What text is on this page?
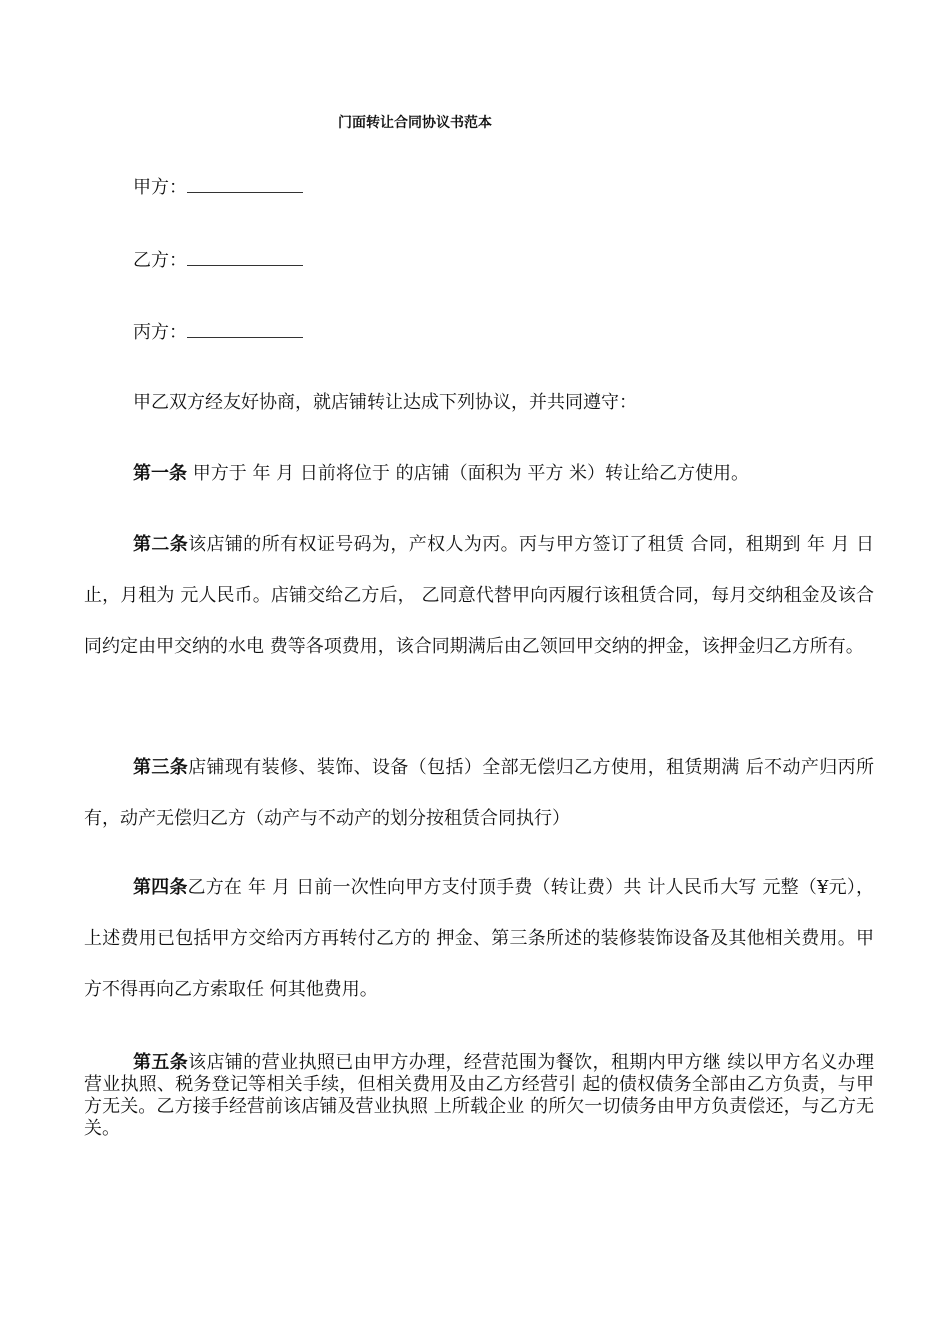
门面转让合同协议书范本
甲方：
乙方：
丙方：
甲乙双方经友好协商，就店铺转让达成下列协议，并共同遵守：
第一条 甲方于 年 月 日前将位于 的店铺（面积为 平方 米）转让给乙方使用。
第二条该店铺的所有权证号码为，产权人为丙。丙与甲方签订了租赁 合同，租期到 年 月 日止，月租为 元人民币。店铺交给乙方后， 乙同意代替甲向丙履行该租赁合同，每月交纳租金及该合同约定由甲交纳的水电 费等各项费用，该合同期满后由乙领回甲交纳的押金，该押金归乙方所有。
第三条店铺现有装修、装饰、设备（包括）全部无偿归乙方使用，租赁期满 后不动产归丙所有，动产无偿归乙方（动产与不动产的划分按租赁合同执行）
第四条乙方在 年 月 日前一次性向甲方支付顶手费（转让费）共 计人民币大写 元整（¥元），上述费用已包括甲方交给丙方再转付乙方的 押金、第三条所述的装修装饰设备及其他相关费用。甲方不得再向乙方索取任 何其他费用。
第五条该店铺的营业执照已由甲方办理，经营范围为餐饮，租期内甲方继 续以甲方名义办理营业执照、税务登记等相关手续，但相关费用及由乙方经营引 起的债权债务全部由乙方负责，与甲方无关。乙方接手经营前该店铺及营业执照 上所载企业 的所欠一切债务由甲方负责偿还，与乙方无关。
